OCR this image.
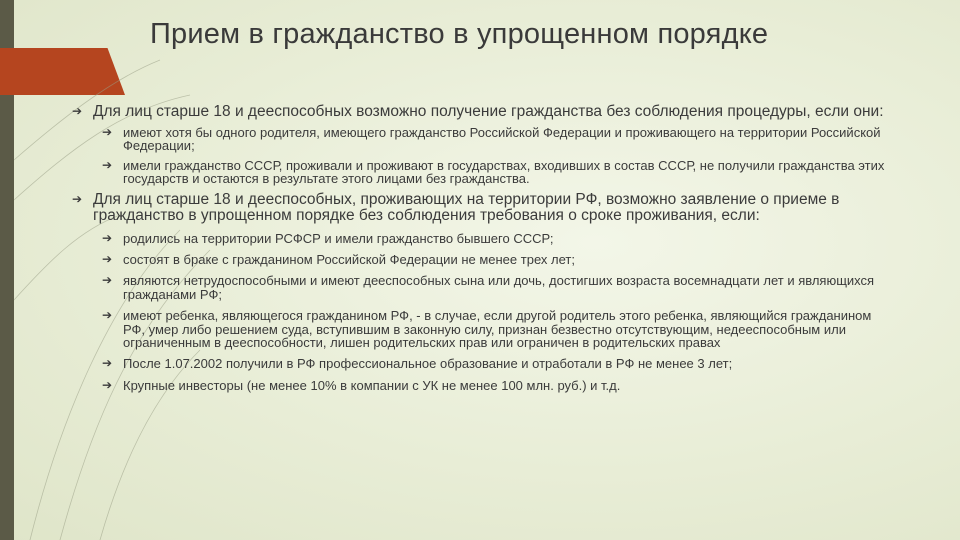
Прием в гражданство в упрощенном порядке

➔ Для лиц старше 18 и дееспособных возможно получение гражданства без соблюдения процедуры, если они:

➔ имеют хотя бы одного родителя, имеющего гражданство Российской Федерации и проживающего на территории Российской Федерации;

➔ имели гражданство СССР, проживали и проживают в государствах, входивших в состав СССР, не получили гражданства этих государств и остаются в результате этого лицами без гражданства.

➔ Для лиц старше 18 и дееспособных, проживающих на территории РФ, возможно заявление о приеме в гражданство в упрощенном порядке без соблюдения требования о сроке проживания, если:

➔ родились на территории РСФСР и имели гражданство бывшего СССР;

➔ состоят в браке с гражданином Российской Федерации не менее трех лет;

➔ являются нетрудоспособными и имеют дееспособных сына или дочь, достигших возраста восемнадцати лет и являющихся гражданами РФ;

➔ имеют ребенка, являющегося гражданином РФ, - в случае, если другой родитель этого ребенка, являющийся гражданином РФ, умер либо решением суда, вступившим в законную силу, признан безвестно отсутствующим, недееспособным или ограниченным в дееспособности, лишен родительских прав или ограничен в родительских правах

➔ После 1.07.2002 получили в РФ профессиональное образование и отработали в РФ не менее 3 лет;

➔ Крупные инвесторы (не менее 10% в компании с УК не менее 100 млн. руб.) и т.д.
